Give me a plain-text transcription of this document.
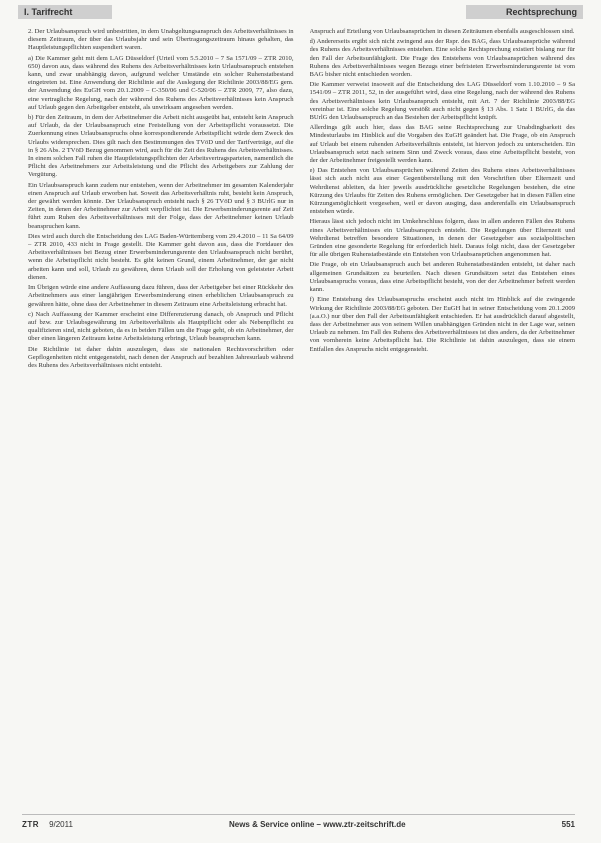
I. Tarifrecht	Rechtsprechung

2. Der Urlaubsanspruch wird unbestritten, in dem Unabgeltungsanspruch des Arbeitsverhältnisses in diesem Zeitraum, der über das Urlaubsjahr und sein Übertragungszeitraum hinaus gehalten, das Hauptleistungspflichten suspendiert waren.

a) Die Kammer geht mit dem LAG Düsseldorf (Urteil vom 5.5.2010 – 7 Sa 1571/09 – ZTR 2010, 650) davon aus, dass während des Ruhens des Arbeitsverhältnisses kein Urlaubsanspruch entstehen kann, und zwar unabhängig davon, aufgrund welcher Umstände ein solcher Ruhenstatbestand eingetreten ist. Eine Anwendung der Richtlinie auf die Auslegung der Richtlinie 2003/88/EG gem. der Anwendung des EuGH vom 20.1.2009 – C-350/06 und C-520/06 – ZTR 2009, 77, also dazu, eine vertragliche Regelung, nach der während des Ruhens des Arbeitsverhältnisses kein Anspruch auf Urlaub gegen den Arbeitgeber entsteht, als unwirksam angesehen werden.

b) Für den Zeitraum, in dem der Arbeitnehmer die Arbeit nicht ausgeübt hat, entsteht kein Anspruch auf Urlaub, da der Urlaubsanspruch eine Freistellung von der Arbeitspflicht voraussetzt. Die Zuerkennung eines Urlaubsanspruchs ohne korrespondierende Arbeitspflicht würde dem Zweck des Urlaubs widersprechen. Dies gilt nach den Bestimmungen des TVöD und der Tarifverträge, auf die in § 26 Abs. 2 TVöD Bezug genommen wird, auch für die Zeit des Ruhens des Arbeitsverhältnisses. In einem solchen Fall ruhen die Hauptleistungspflichten der Arbeitsvertragsparteien, namentlich die Pflicht des Arbeitnehmers zur Arbeitsleistung und die Pflicht des Arbeitgebers zur Zahlung der Vergütung.

Ein Urlaubsanspruch kann zudem nur entstehen, wenn der Arbeitnehmer im gesamten Kalenderjahr einen Anspruch auf Urlaub erworben hat. Soweit das Arbeitsverhältnis ruht, besteht kein Anspruch, der gewährt werden könnte. Der Urlaubsanspruch entsteht nach § 26 TVöD und § 3 BUrlG nur in Zeiten, in denen der Arbeitnehmer zur Arbeit verpflichtet ist. Die Erwerbsminderungsrente auf Zeit führt zum Ruhen des Arbeitsverhältnisses mit der Folge, dass der Arbeitnehmer keinen Urlaub beanspruchen kann.

Dies wird auch durch die Entscheidung des LAG Baden-Württemberg vom 29.4.2010 – 11 Sa 64/09 – ZTR 2010, 433 nicht in Frage gestellt. Die Kammer geht davon aus, dass die Fortdauer des Arbeitsverhältnisses bei Bezug einer Erwerbsminderungsrente den Urlaubsanspruch nicht berührt, wenn die Arbeitspflicht nicht besteht. Es gibt keinen Grund, einem Arbeitnehmer, der gar nicht arbeiten kann und soll, Urlaub zu gewähren, denn Urlaub soll der Erholung von geleisteter Arbeit dienen.

Im Übrigen würde eine andere Auffassung dazu führen, dass der Arbeitgeber bei einer Rückkehr des Arbeitnehmers aus einer langjährigen Erwerbsminderung einen erheblichen Urlaubsanspruch zu gewähren hätte, ohne dass der Arbeitnehmer in diesem Zeitraum eine Arbeitsleistung erbracht hat.

c) Nach Auffassung der Kammer erscheint eine Differenzierung danach, ob Anspruch und Pflicht auf bzw. zur Urlaubsgewährung im Arbeitsverhältnis als Hauptpflicht oder als Nebenpflicht zu qualifizieren sind, nicht geboten, da es in beiden Fällen um die Frage geht, ob ein Arbeitnehmer, der über einen längeren Zeitraum keine Arbeitsleistung erbringt, Urlaub beanspruchen kann.

Die Richtlinie ist daher dahin auszulegen, dass sie nationalen Rechtsvorschriften oder Gepflogenheiten nicht entgegensteht, nach denen der Anspruch auf bezahlten Jahresurlaub während des Ruhens des Arbeitsverhältnisses nicht entsteht.

Anspruch auf Erteilung von Urlaubsansprüchen in diesen Zeiträumen ebenfalls ausgeschlossen sind.

d) Andererseits ergibt sich nicht zwingend aus der Rspr. des BAG, dass Urlaubsansprüche während des Ruhens des Arbeitsverhältnisses entstehen. Eine solche Rechtsprechung existiert bislang nur für den Fall der Arbeitsunfähigkeit. Die Frage des Entstehens von Urlaubsansprüchen während des Ruhens des Arbeitsverhältnisses wegen Bezugs einer befristeten Erwerbsminderungsrente ist vom BAG bisher nicht entschieden worden.

Die Kammer verweist insoweit auf die Entscheidung des LAG Düsseldorf vom 1.10.2010 – 9 Sa 1541/09 – ZTR 2011, 52, in der ausgeführt wird, dass eine Regelung, nach der während des Ruhens des Arbeitsverhältnisses kein Urlaubsanspruch entsteht, mit Art. 7 der Richtlinie 2003/88/EG vereinbar ist. Eine solche Regelung verstößt auch nicht gegen § 13 Abs. 1 Satz 1 BUrlG, da das BUrlG den Urlaubsanspruch an das Bestehen der Arbeitspflicht knüpft.

Allerdings gilt auch hier, dass das BAG seine Rechtsprechung zur Unabdingbarkeit des Mindesturlaubs im Hinblick auf die Vorgaben des EuGH geändert hat. Die Frage, ob ein Anspruch auf Urlaub bei einem ruhenden Arbeitsverhältnis entsteht, ist hiervon jedoch zu unterscheiden. Ein Urlaubsanspruch setzt nach seinem Sinn und Zweck voraus, dass eine Arbeitspflicht besteht, von der der Arbeitnehmer freigestellt werden kann.

e) Das Entstehen von Urlaubsansprüchen während Zeiten des Ruhens eines Arbeitsverhältnisses lässt sich auch nicht aus einer Gegenüberstellung mit den Vorschriften über Elternzeit und Wehrdienst ableiten, da hier jeweils ausdrückliche gesetzliche Regelungen bestehen, die eine Kürzung des Urlaubs für Zeiten des Ruhens ermöglichen. Der Gesetzgeber hat in diesen Fällen eine Kürzungsmöglichkeit vorgesehen, weil er davon ausging, dass anderenfalls ein Urlaubsanspruch entstehen würde.

Hieraus lässt sich jedoch nicht im Umkehrschluss folgern, dass in allen anderen Fällen des Ruhens eines Arbeitsverhältnisses ein Urlaubsanspruch entsteht. Die Regelungen über Elternzeit und Wehrdienst betreffen besondere Situationen, in denen der Gesetzgeber aus sozialpolitischen Gründen eine gesonderte Regelung für erforderlich hielt. Daraus folgt nicht, dass der Gesetzgeber für alle übrigen Ruhenstatbestände ein Entstehen von Urlaubsansprüchen angenommen hat.

Die Frage, ob ein Urlaubsanspruch auch bei anderen Ruhenstatbeständen entsteht, ist daher nach allgemeinen Grundsätzen zu beurteilen. Nach diesen Grundsätzen setzt das Entstehen eines Urlaubsanspruchs voraus, dass eine Arbeitspflicht besteht, von der der Arbeitnehmer befreit werden kann.

f) Eine Entstehung des Urlaubsanspruchs erscheint auch nicht im Hinblick auf die zwingende Wirkung der Richtlinie 2003/88/EG geboten. Der EuGH hat in seiner Entscheidung vom 20.1.2009 (a.a.O.) nur über den Fall der Arbeitsunfähigkeit entschieden. Er hat ausdrücklich darauf abgestellt, dass der Arbeitnehmer aus von seinem Willen unabhängigen Gründen nicht in der Lage war, seinen Urlaub zu nehmen. Im Fall des Ruhens des Arbeitsverhältnisses ist dies anders, da der Arbeitnehmer von vornherein keine Arbeitspflicht hat. Die Richtlinie ist dahin auszulegen, dass sie einem Entfallen des Anspruchs nicht entgegensteht.

ZTR 9/2011	News & Service online – www.ztr-zeitschrift.de	551
